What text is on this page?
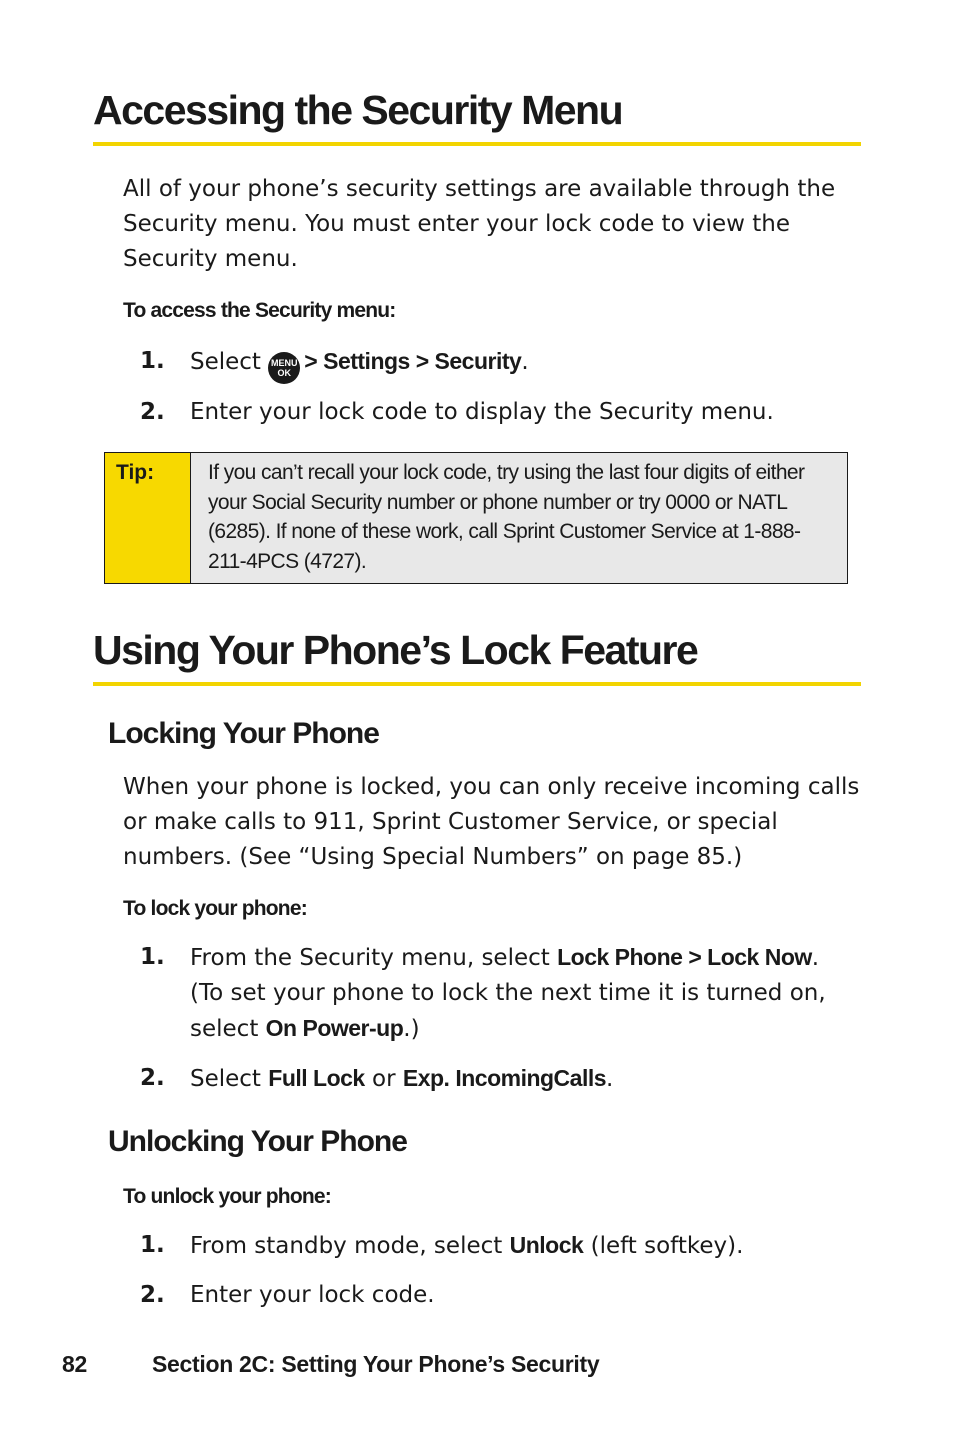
Accessing the Security Menu

All of your phone’s security settings are available through the Security menu. You must enter your lock code to view the Security menu.

To access the Security menu:

1. Select	MENU
OK > Settings > Security.
2. Enter your lock code to display the Security menu.
Tip:	If you can’t recall your lock code, try using the last four digits of either your Social Security number or phone number or try 0000 or NATL (6285). If none of these work, call Sprint Customer Service at 1-888-211-4PCS (4727).
Using Your Phone’s Lock Feature
Locking Your Phone

When your phone is locked, you can only receive incoming calls or make calls to 911, Sprint Customer Service, or special numbers. (See “Using Special Numbers” on page 85.)

To lock your phone:

1. From the Security menu, select Lock Phone > Lock Now. (To set your phone to lock the next time it is turned on, select On Power-up.)
2. Select Full Lock or Exp. IncomingCalls.
Unlocking Your Phone

To unlock your phone:

1. From standby mode, select Unlock (left softkey).
2. Enter your lock code.
82	Section 2C: Setting Your Phone’s Security
